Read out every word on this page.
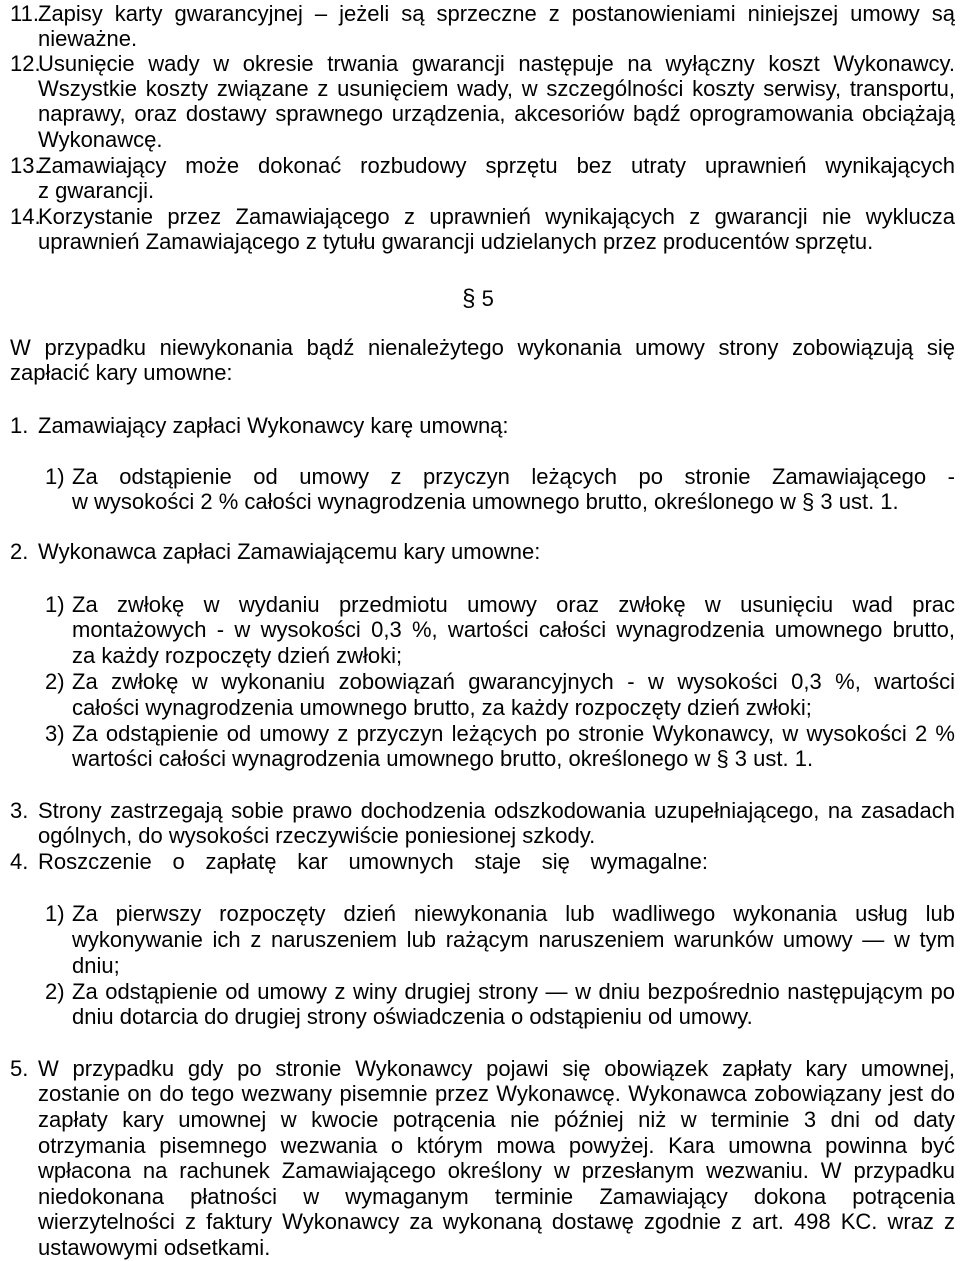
11. Zapisy karty gwarancyjnej – jeżeli są sprzeczne z postanowieniami niniejszej umowy są
nieważne.
12.
Usunięcie wady w okresie trwania gwarancji następuje na wyłączny koszt Wykonawcy.
Wszystkie koszty związane z usunięciem wady, w szczególności koszty serwisy, transportu,
naprawy, oraz dostawy sprawnego urządzenia, akcesoriów bądź oprogramowania obciążają
Wykonawcę.
13.
Zamawiający może dokonać rozbudowy sprzętu bez utraty uprawnień wynikających
z gwarancji.
14.
Korzystanie przez Zamawiającego z uprawnień wynikających z gwarancji nie wyklucza
uprawnień Zamawiającego z tytułu gwarancji udzielanych przez producentów sprzętu.
§ 5
W przypadku niewykonania bądź nienależytego wykonania umowy strony zobowiązują się
zapłacić kary umowne:
1. Zamawiający zapłaci Wykonawcy karę umowną:
1) Za odstąpienie od umowy z przyczyn leżących po stronie Zamawiającego -
w wysokości 2 % całości wynagrodzenia umownego brutto, określonego w § 3 ust. 1.
2. Wykonawca zapłaci Zamawiającemu kary umowne:
1) Za zwłokę w wydaniu przedmiotu umowy oraz zwłokę w usunięciu wad prac
montażowych - w wysokości 0,3 %, wartości całości wynagrodzenia umownego brutto,
za każdy rozpoczęty dzień zwłoki;
2) Za zwłokę w wykonaniu zobowiązań gwarancyjnych - w wysokości 0,3 %, wartości
całości wynagrodzenia umownego brutto, za każdy rozpoczęty dzień zwłoki;
3) Za odstąpienie od umowy z przyczyn leżących po stronie Wykonawcy, w wysokości 2 %
wartości całości wynagrodzenia umownego brutto, określonego w § 3 ust. 1.
3. Strony zastrzegają sobie prawo dochodzenia odszkodowania uzupełniającego, na zasadach
ogólnych, do wysokości rzeczywiście poniesionej szkody.
4. Roszczenie o zapłatę kar umownych staje się wymagalne:
1) Za pierwszy rozpoczęty dzień niewykonania lub wadliwego wykonania usług lub
wykonywanie ich z naruszeniem lub rażącym naruszeniem warunków umowy — w tym
dniu;
2) Za odstąpienie od umowy z winy drugiej strony — w dniu bezpośrednio następującym po
dniu dotarcia do drugiej strony oświadczenia o odstąpieniu od umowy.
5. W przypadku gdy po stronie Wykonawcy pojawi się obowiązek zapłaty kary umownej,
zostanie on do tego wezwany pisemnie przez Wykonawcę. Wykonawca zobowiązany jest do
zapłaty kary umownej w kwocie potrącenia nie później niż w terminie 3 dni od daty
otrzymania pisemnego wezwania o którym mowa powyżej. Kara umowna powinna być
wpłacona na rachunek Zamawiającego określony w przesłanym wezwaniu. W przypadku
niedokonana płatności w wymaganym terminie Zamawiający dokona potrącenia
wierzytelności z faktury Wykonawcy za wykonaną dostawę zgodnie z art. 498 KC. wraz z
ustawowymi odsetkami.
